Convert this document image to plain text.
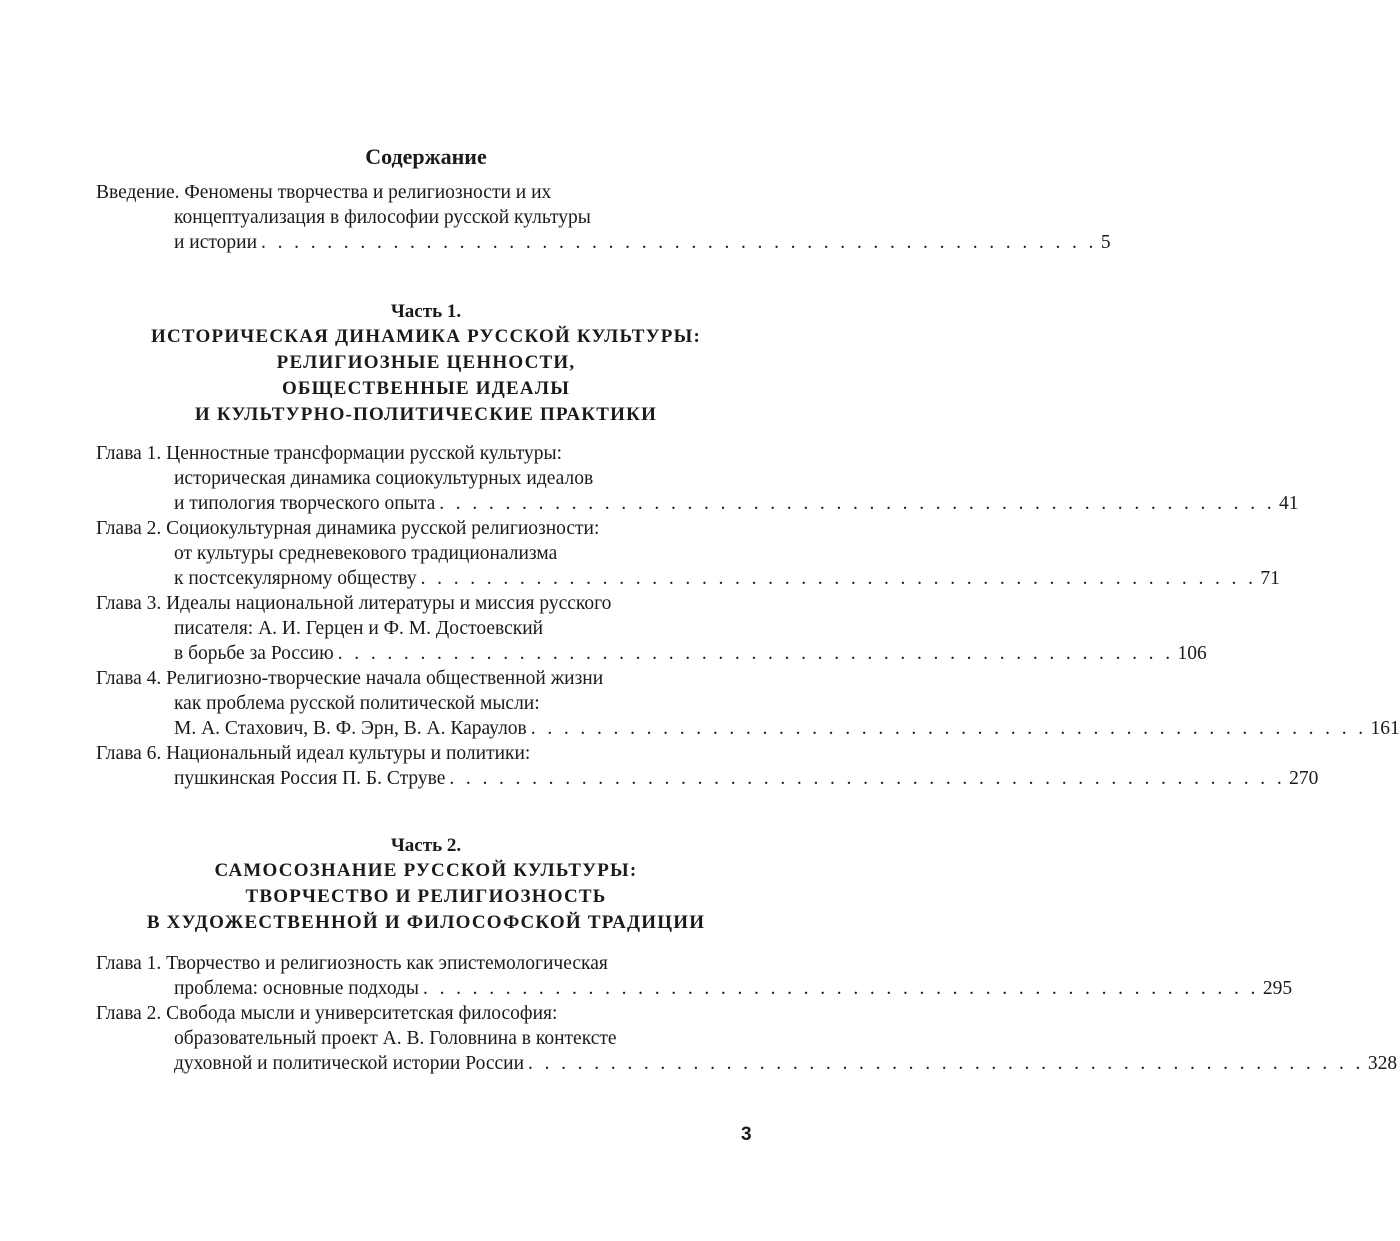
Содержание
Введение. Феномены творчества и религиозности и их
концептуализация в философии русской культуры
и истории . . . . . . . . . . . . . . . . . . . . . . . . . . . . . . . . . . . . . . . . . . . . . . . . . . . 5
Часть 1.
ИСТОРИЧЕСКАЯ ДИНАМИКА РУССКОЙ КУЛЬТУРЫ:
РЕЛИГИОЗНЫЕ ЦЕННОСТИ,
ОБЩЕСТВЕННЫЕ ИДЕАЛЫ
И КУЛЬТУРНО-ПОЛИТИЧЕСКИЕ ПРАКТИКИ
Глава 1. Ценностные трансформации русской культуры:
историческая динамика социокультурных идеалов
и типология творческого опыта . . . . . . . . . . . . . . . . . . . . . . . . . . . . . . . . . . . . . . . . . . . . . . . . . . . 41
Глава 2. Социокультурная динамика русской религиозности:
от культуры средневекового традиционализма
к постсекулярному обществу . . . . . . . . . . . . . . . . . . . . . . . . . . . . . . . . . . . . . . . . . . . . . . . . . . . 71
Глава 3. Идеалы национальной литературы и миссия русского
писателя: А. И. Герцен и Ф. М. Достоевский
в борьбе за Россию . . . . . . . . . . . . . . . . . . . . . . . . . . . . . . . . . . . . . . . . . . . . . . . . . . . 106
Глава 4. Религиозно-творческие начала общественной жизни
как проблема русской политической мысли:
М. А. Стахович, В. Ф. Эрн, В. А. Караулов . . . . . . . . . . . . . . . . . . . . . . . . . . . . . . . . . . . . . . . . . . . . . . . . . . . 161
Глава 6. Национальный идеал культуры и политики:
пушкинская Россия П. Б. Струве . . . . . . . . . . . . . . . . . . . . . . . . . . . . . . . . . . . . . . . . . . . . . . . . . . . 270
Часть 2.
САМОСОЗНАНИЕ РУССКОЙ КУЛЬТУРЫ:
ТВОРЧЕСТВО И РЕЛИГИОЗНОСТЬ
В ХУДОЖЕСТВЕННОЙ И ФИЛОСОФСКОЙ ТРАДИЦИИ
Глава 1. Творчество и религиозность как эпистемологическая
проблема: основные подходы . . . . . . . . . . . . . . . . . . . . . . . . . . . . . . . . . . . . . . . . . . . . . . . . . . . 295
Глава 2. Свобода мысли и университетская философия:
образовательный проект А. В. Головнина в контексте
духовной и политической истории России . . . . . . . . . . . . . . . . . . . . . . . . . . . . . . . . . . . . . . . . . . . . . . . . . . . 328
3
